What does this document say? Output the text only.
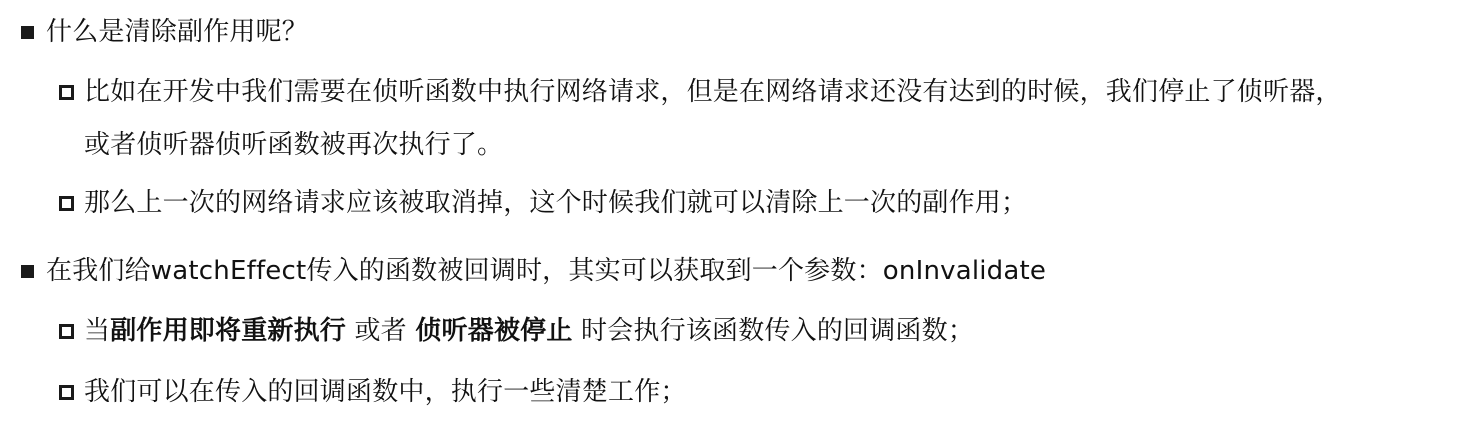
什么是清除副作用呢？
比如在开发中我们需要在侦听函数中执行网络请求，但是在网络请求还没有达到的时候，我们停止了侦听器，
或者侦听器侦听函数被再次执行了。
那么上一次的网络请求应该被取消掉，这个时候我们就可以清除上一次的副作用；
在我们给watchEffect传入的函数被回调时，其实可以获取到一个参数：onInvalidate
当副作用即将重新执行 或者 侦听器被停止 时会执行该函数传入的回调函数；
我们可以在传入的回调函数中，执行一些清楚工作；
